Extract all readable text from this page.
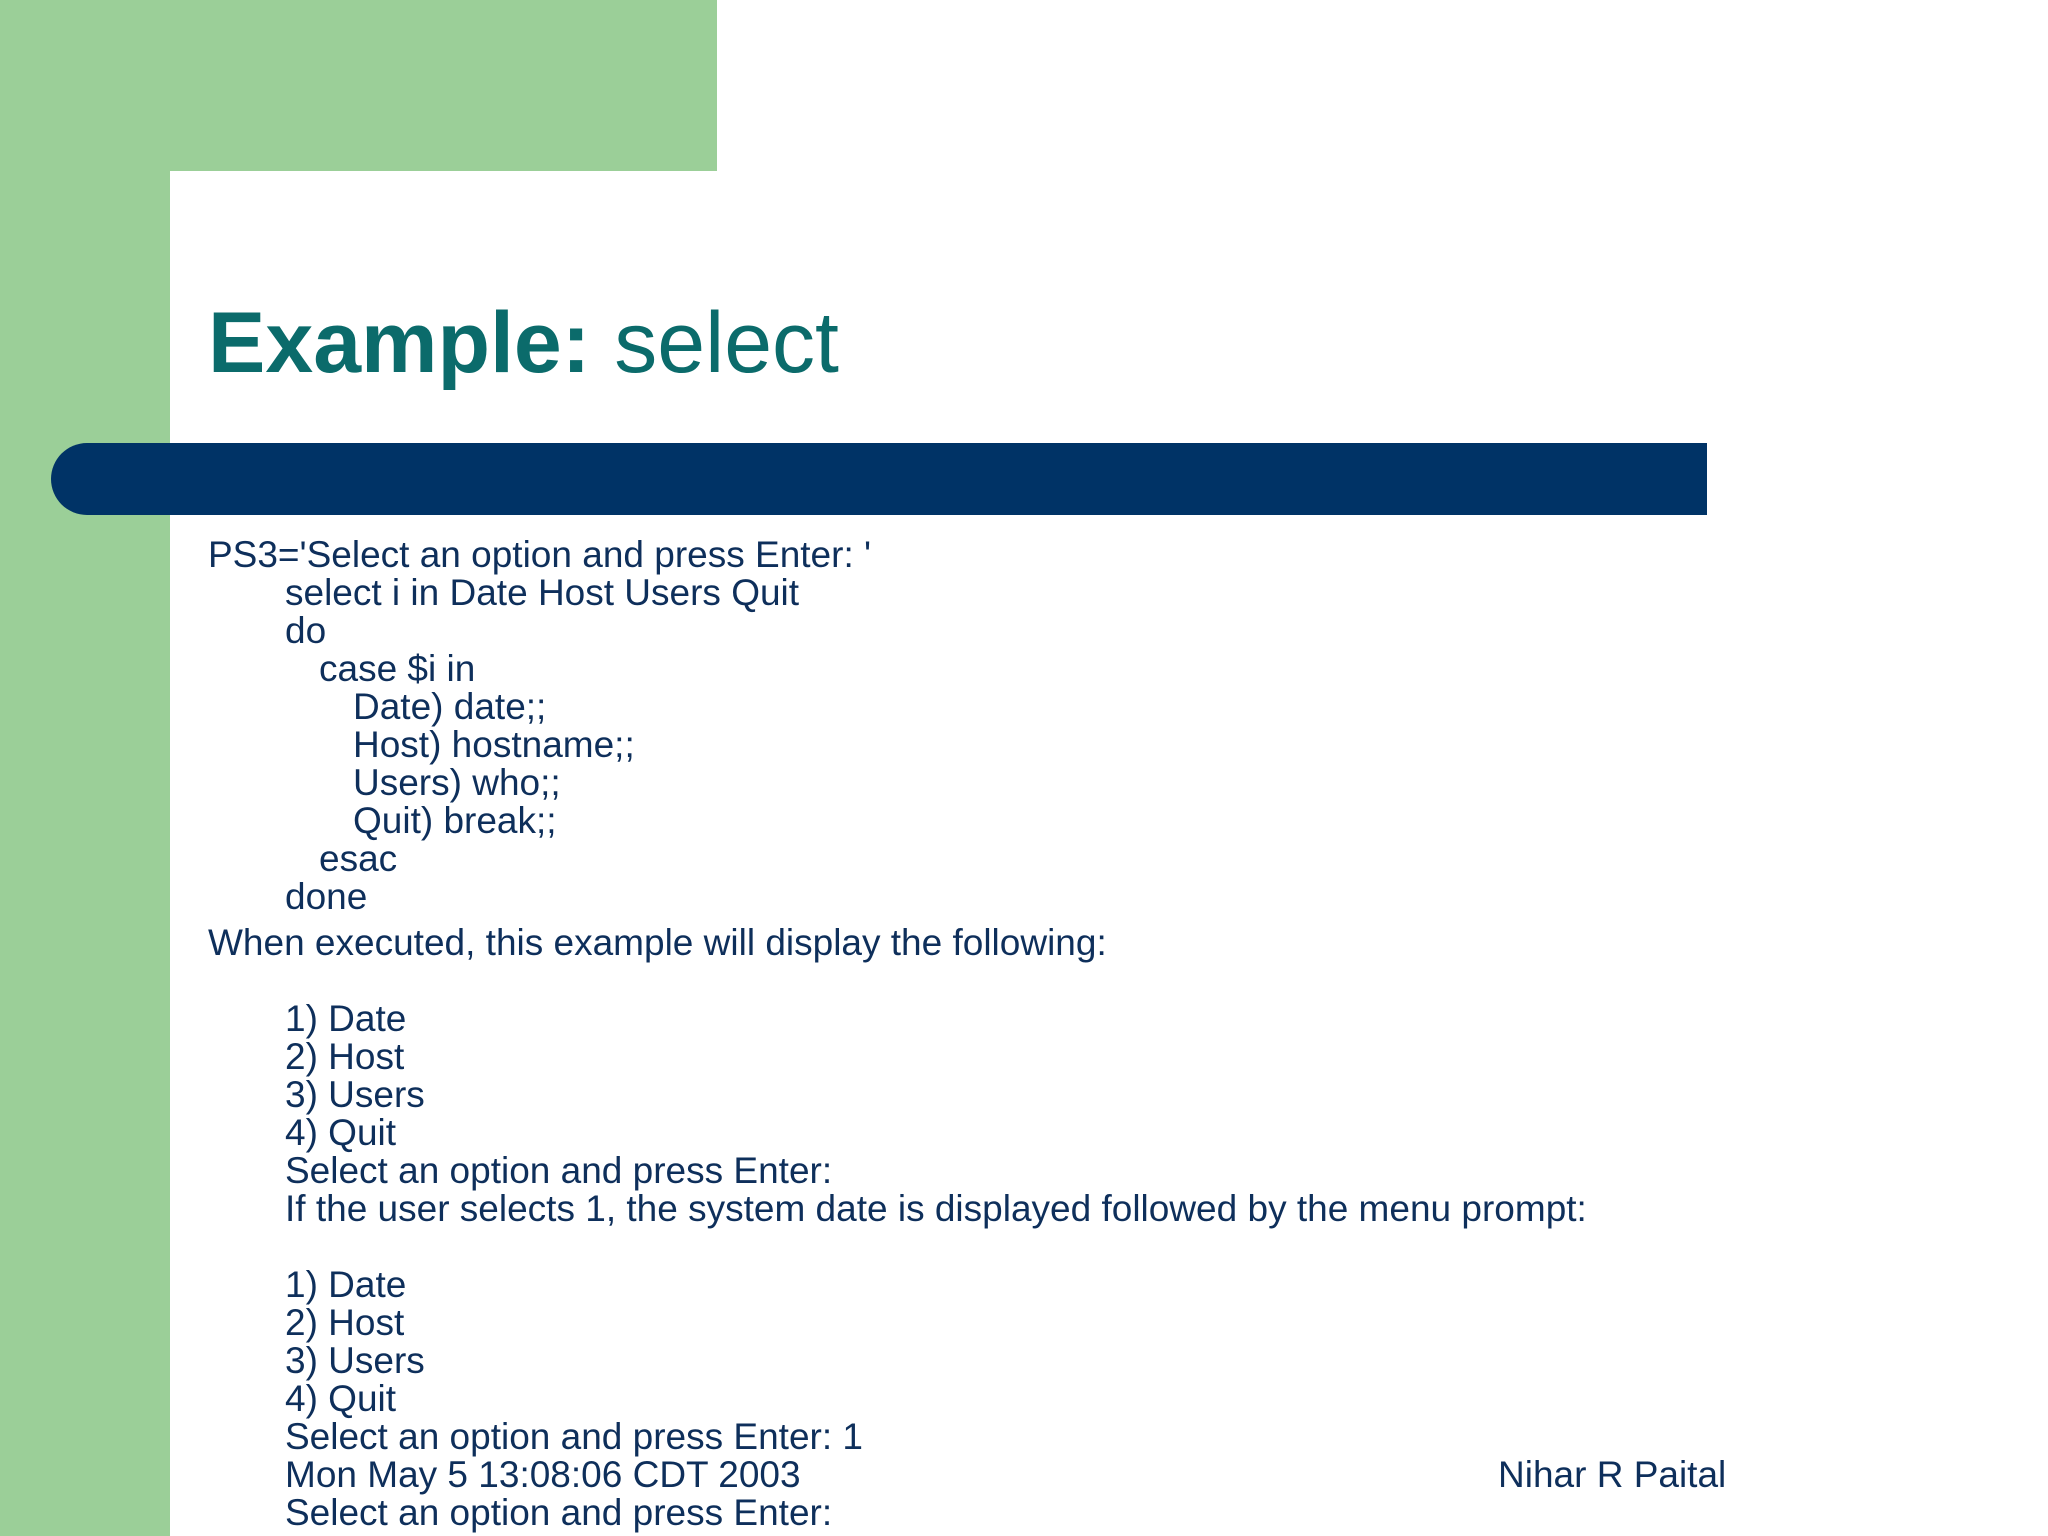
Example: select
PS3='Select an option and press Enter: '
select i in Date Host Users Quit
do
case $i in
Date) date;;
Host) hostname;;
Users) who;;
Quit) break;;
esac
done
When executed, this example will display the following:
1) Date
2) Host
3) Users
4) Quit
Select an option and press Enter:
If the user selects 1, the system date is displayed followed by the menu prompt:
1) Date
2) Host
3) Users
4) Quit
Select an option and press Enter: 1
Mon May 5 13:08:06 CDT 2003
Select an option and press Enter:
Nihar R Paital
